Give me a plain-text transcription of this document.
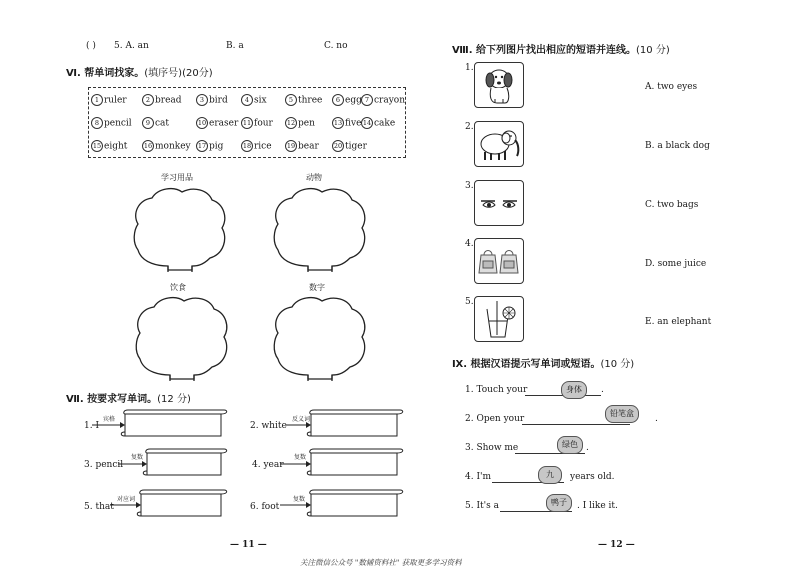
( ) 5. A. an	B. a	C. no
Ⅵ. 帮单词找家。(填序号)(20分)
1 ruler	2 bread	3 bird	4 six	5 three	6 egg 7 crayon
8 pencil	9 cat	10 eraser 11 four 12 pen	13 five 14 cake
15 eight	16 monkey 17 pig	18 rice 19 bear 20 tiger
学习用品	动物
饮食	数字
Ⅶ. 按要求写单词。(12 分)
1. I
宾格
2. white
反义词
3. pencil
复数
4. year
复数
5. that
对应词
6. foot
复数
— 11 —
Ⅷ. 给下列图片找出相应的短语并连线。(10 分)
1.
2.
3.
4.
5.
A. two eyes
B. a black dog
C. two bags
D. some juice
E. an elephant
Ⅸ. 根据汉语提示写单词或短语。(10 分)
1. Touch your	身体	.
2. Open your
铅笔盒
.
3. Show me	绿色 .
4. I'm	九	years old.
5. It's a	鸭子	. I like it.
— 12 —
关注微信公众号 "数辅资料社" 获取更多学习资料
